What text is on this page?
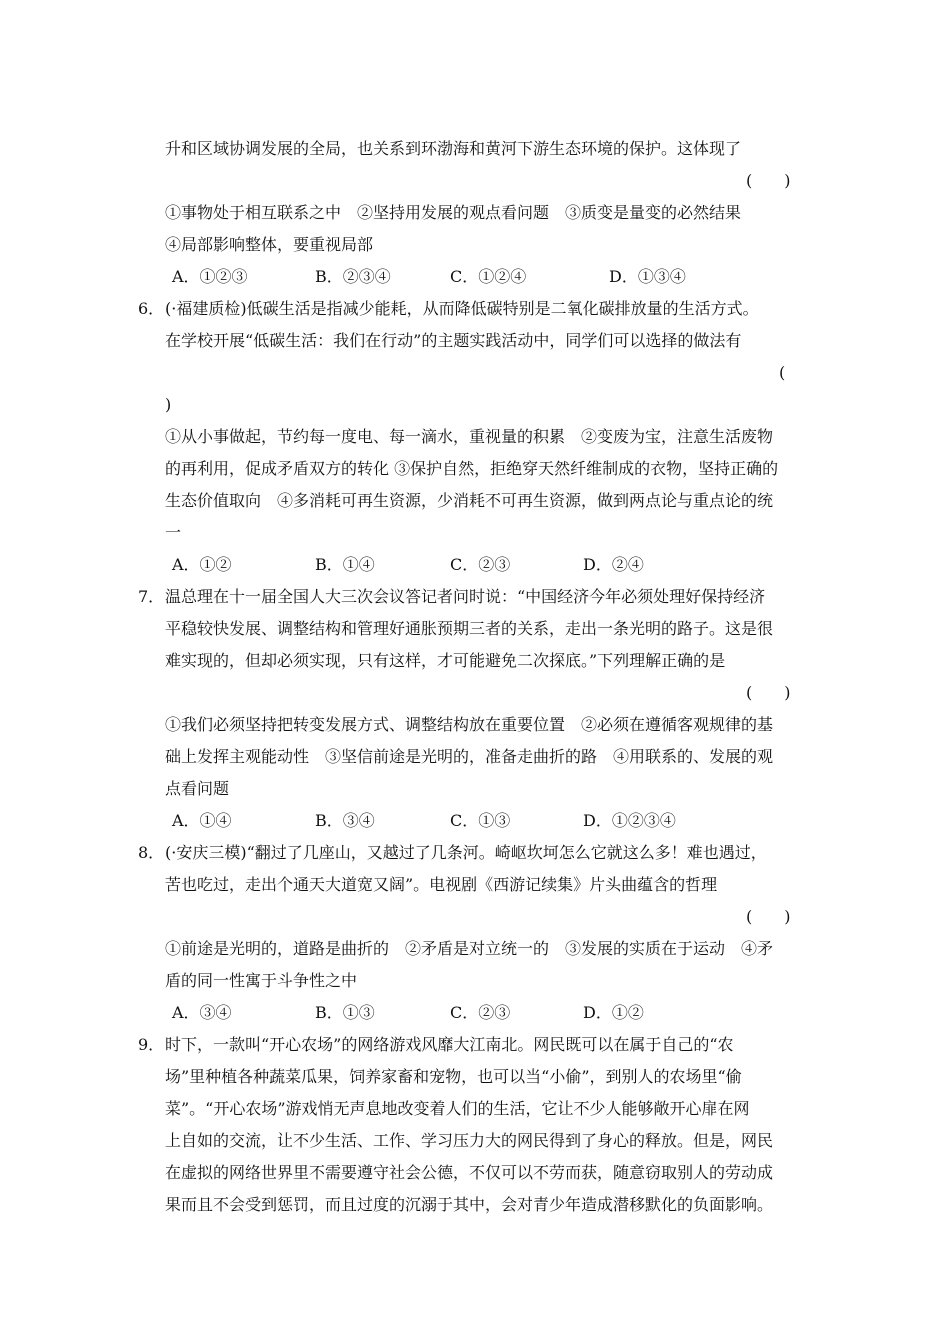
升和区域协调发展的全局，也关系到环渤海和黄河下游生态环境的保护。这体现了
(　　)
①事物处于相互联系之中　②坚持用发展的观点看问题　③质变是量变的必然结果
④局部影响整体，要重视局部
A．①②③	B．②③④	C．①②④	D．①③④
6． (·福建质检)低碳生活是指减少能耗，从而降低碳特别是二氧化碳排放量的生活方式。
在学校开展“低碳生活：我们在行动”的主题实践活动中，同学们可以选择的做法有
(
)
①从小事做起，节约每一度电、每一滴水，重视量的积累　②变废为宝，注意生活废物
的再利用，促成矛盾双方的转化 ③保护自然，拒绝穿天然纤维制成的衣物，坚持正确的
生态价值取向　④多消耗可再生资源，少消耗不可再生资源，做到两点论与重点论的统
一
A．①②	B．①④	C．②③	D．②④
7． 温总理在十一届全国人大三次会议答记者问时说：“中国经济今年必须处理好保持经济
平稳较快发展、调整结构和管理好通胀预期三者的关系，走出一条光明的路子。这是很
难实现的，但却必须实现，只有这样，才可能避免二次探底。”下列理解正确的是
(　　)
①我们必须坚持把转变发展方式、调整结构放在重要位置　②必须在遵循客观规律的基
础上发挥主观能动性　③坚信前途是光明的，准备走曲折的路　④用联系的、发展的观
点看问题
A．①④	B．③④	C．①③	D．①②③④
8． (·安庆三模)“翻过了几座山，又越过了几条河。崎岖坎坷怎么它就这么多！难也遇过，
苦也吃过，走出个通天大道宽又阔”。电视剧《西游记续集》片头曲蕴含的哲理
(　　)
①前途是光明的，道路是曲折的　②矛盾是对立统一的　③发展的实质在于运动　④矛
盾的同一性寓于斗争性之中
A．③④	B．①③	C．②③	D．①②
9． 时下，一款叫“开心农场”的网络游戏风靡大江南北。网民既可以在属于自己的“农
场”里种植各种蔬菜瓜果，饲养家畜和宠物，也可以当“小偷”，到别人的农场里“偷
菜”。“开心农场”游戏悄无声息地改变着人们的生活，它让不少人能够敞开心扉在网
上自如的交流，让不少生活、工作、学习压力大的网民得到了身心的释放。但是，网民
在虚拟的网络世界里不需要遵守社会公德，不仅可以不劳而获，随意窃取别人的劳动成
果而且不会受到惩罚，而且过度的沉溺于其中，会对青少年造成潜移默化的负面影响。
